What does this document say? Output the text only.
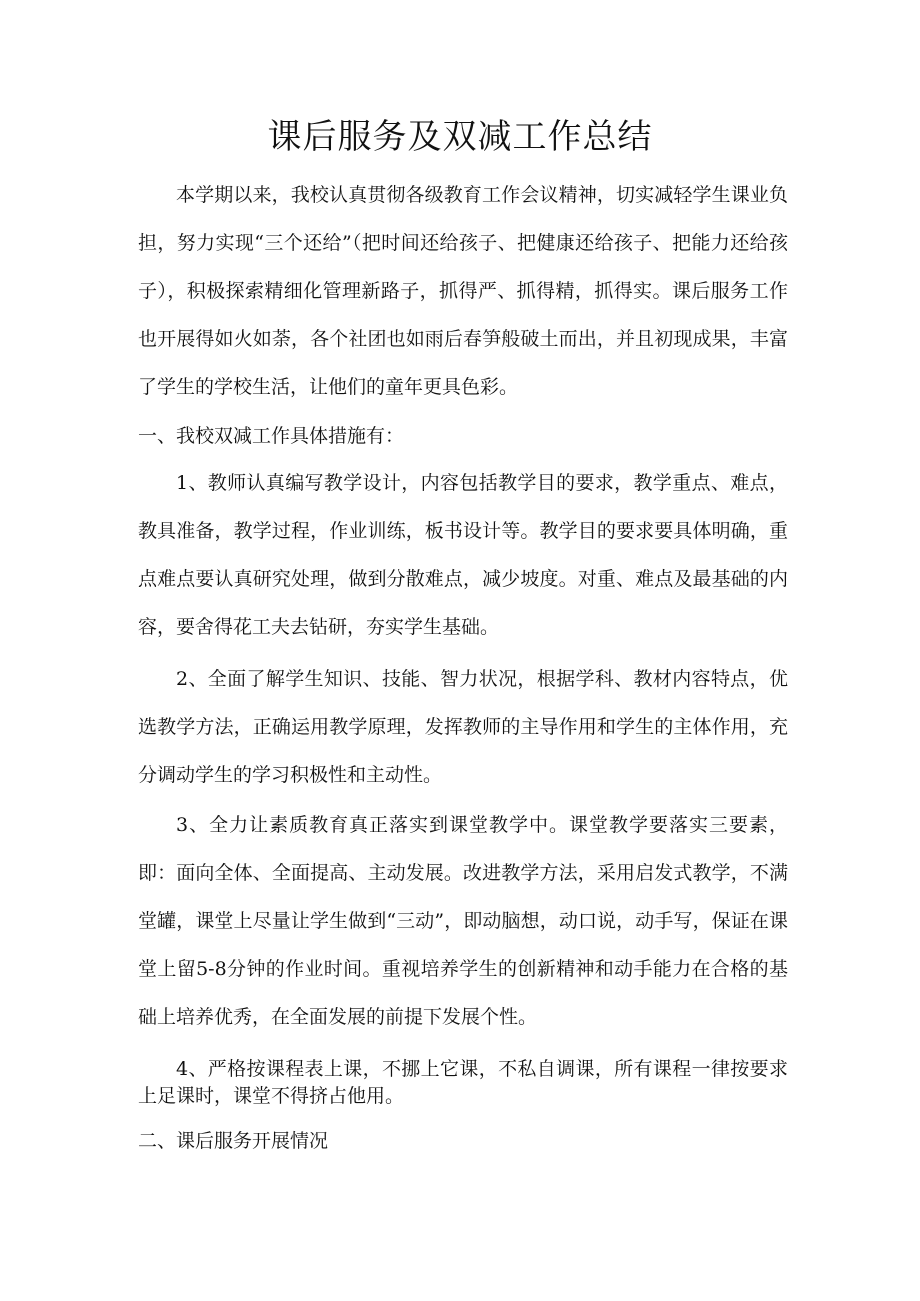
课后服务及双减工作总结

本学期以来，我校认真贯彻各级教育工作会议精神，切实减轻学生课业负担，努力实现“三个还给”（把时间还给孩子、把健康还给孩子、把能力还给孩子），积极探索精细化管理新路子，抓得严、抓得精，抓得实。课后服务工作也开展得如火如荼，各个社团也如雨后春笋般破土而出，并且初现成果，丰富了学生的学校生活，让他们的童年更具色彩。

一、我校双减工作具体措施有：

1、教师认真编写教学设计，内容包括教学目的要求，教学重点、难点，教具准备，教学过程，作业训练，板书设计等。教学目的要求要具体明确，重点难点要认真研究处理，做到分散难点，减少坡度。对重、难点及最基础的内容，要舍得花工夫去钻研，夯实学生基础。

2、全面了解学生知识、技能、智力状况，根据学科、教材内容特点，优选教学方法，正确运用教学原理，发挥教师的主导作用和学生的主体作用，充分调动学生的学习积极性和主动性。

3、全力让素质教育真正落实到课堂教学中。课堂教学要落实三要素，即：面向全体、全面提高、主动发展。改进教学方法，采用启发式教学，不满堂罐，课堂上尽量让学生做到“三动”，即动脑想，动口说，动手写，保证在课堂上留5-8分钟的作业时间。重视培养学生的创新精神和动手能力在合格的基础上培养优秀，在全面发展的前提下发展个性。

4、严格按课程表上课，不挪上它课，不私自调课，所有课程一律按要求上足课时，课堂不得挤占他用。

二、课后服务开展情况
